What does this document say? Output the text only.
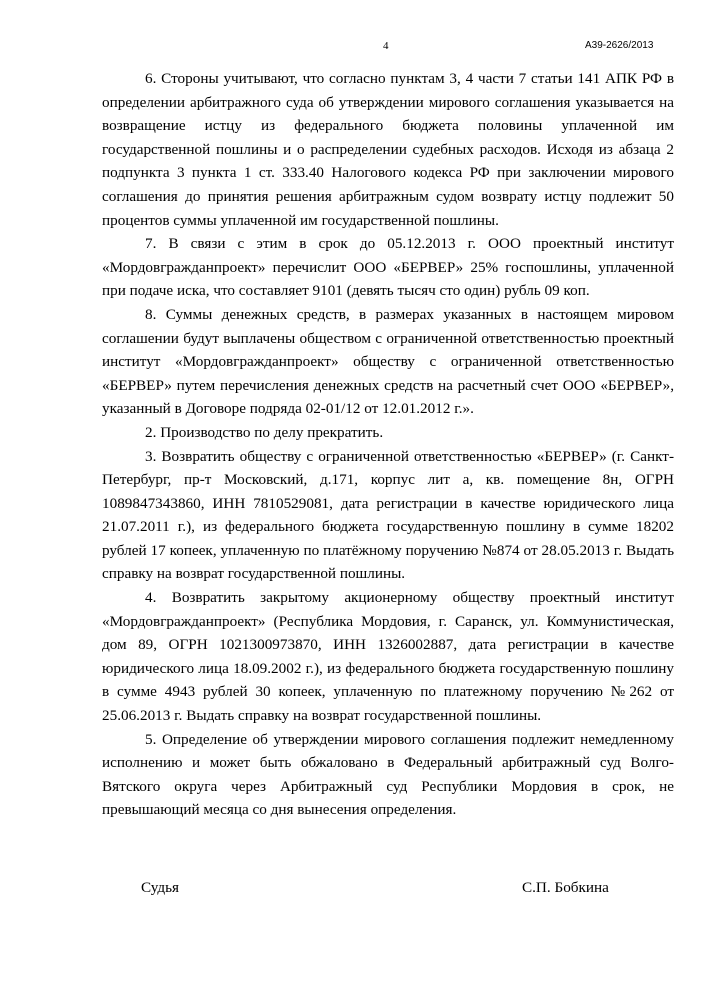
4	А39-2626/2013

6. Стороны учитывают, что согласно пунктам 3, 4 части 7 статьи 141 АПК РФ в определении арбитражного суда об утверждении мирового соглашения указывается на возвращение истцу из федерального бюджета половины уплаченной им государственной пошлины и о распределении судебных расходов. Исходя из абзаца 2 подпункта 3 пункта 1 ст. 333.40 Налогового кодекса РФ при заключении мирового соглашения до принятия решения арбитражным судом возврату истцу подлежит 50 процентов суммы уплаченной им государственной пошлины.

7. В связи с этим в срок до 05.12.2013 г. ООО проектный институт «Мордовгражданпроект» перечислит ООО «БЕРВЕР» 25% госпошлины, уплаченной при подаче иска, что составляет 9101 (девять тысяч сто один) рубль 09 коп.

8. Суммы денежных средств, в размерах указанных в настоящем мировом соглашении будут выплачены обществом с ограниченной ответственностью проектный институт «Мордовгражданпроект» обществу с ограниченной ответственностью «БЕРВЕР» путем перечисления денежных средств на расчетный счет ООО «БЕРВЕР», указанный в Договоре подряда 02-01/12 от 12.01.2012 г.».

2. Производство по делу прекратить.

3. Возвратить обществу с ограниченной ответственностью «БЕРВЕР» (г. Санкт-Петербург, пр-т Московский, д.171, корпус лит а, кв. помещение 8н, ОГРН 1089847343860, ИНН 7810529081, дата регистрации в качестве юридического лица 21.07.2011 г.), из федерального бюджета государственную пошлину в сумме 18202 рублей 17 копеек, уплаченную по платёжному поручению №874 от 28.05.2013 г. Выдать справку на возврат государственной пошлины.

4. Возвратить закрытому акционерному обществу проектный институт «Мордовгражданпроект» (Республика Мордовия, г. Саранск, ул. Коммунистическая, дом 89, ОГРН 1021300973870, ИНН 1326002887, дата регистрации в качестве юридического лица 18.09.2002 г.), из федерального бюджета государственную пошлину в сумме 4943 рублей 30 копеек, уплаченную по платежному поручению №262 от 25.06.2013 г. Выдать справку на возврат государственной пошлины.

5. Определение об утверждении мирового соглашения подлежит немедленному исполнению и может быть обжаловано в Федеральный арбитражный суд Волго-Вятского округа через Арбитражный суд Республики Мордовия в срок, не превышающий месяца со дня вынесения определения.

Судья	С.П. Бобкина
